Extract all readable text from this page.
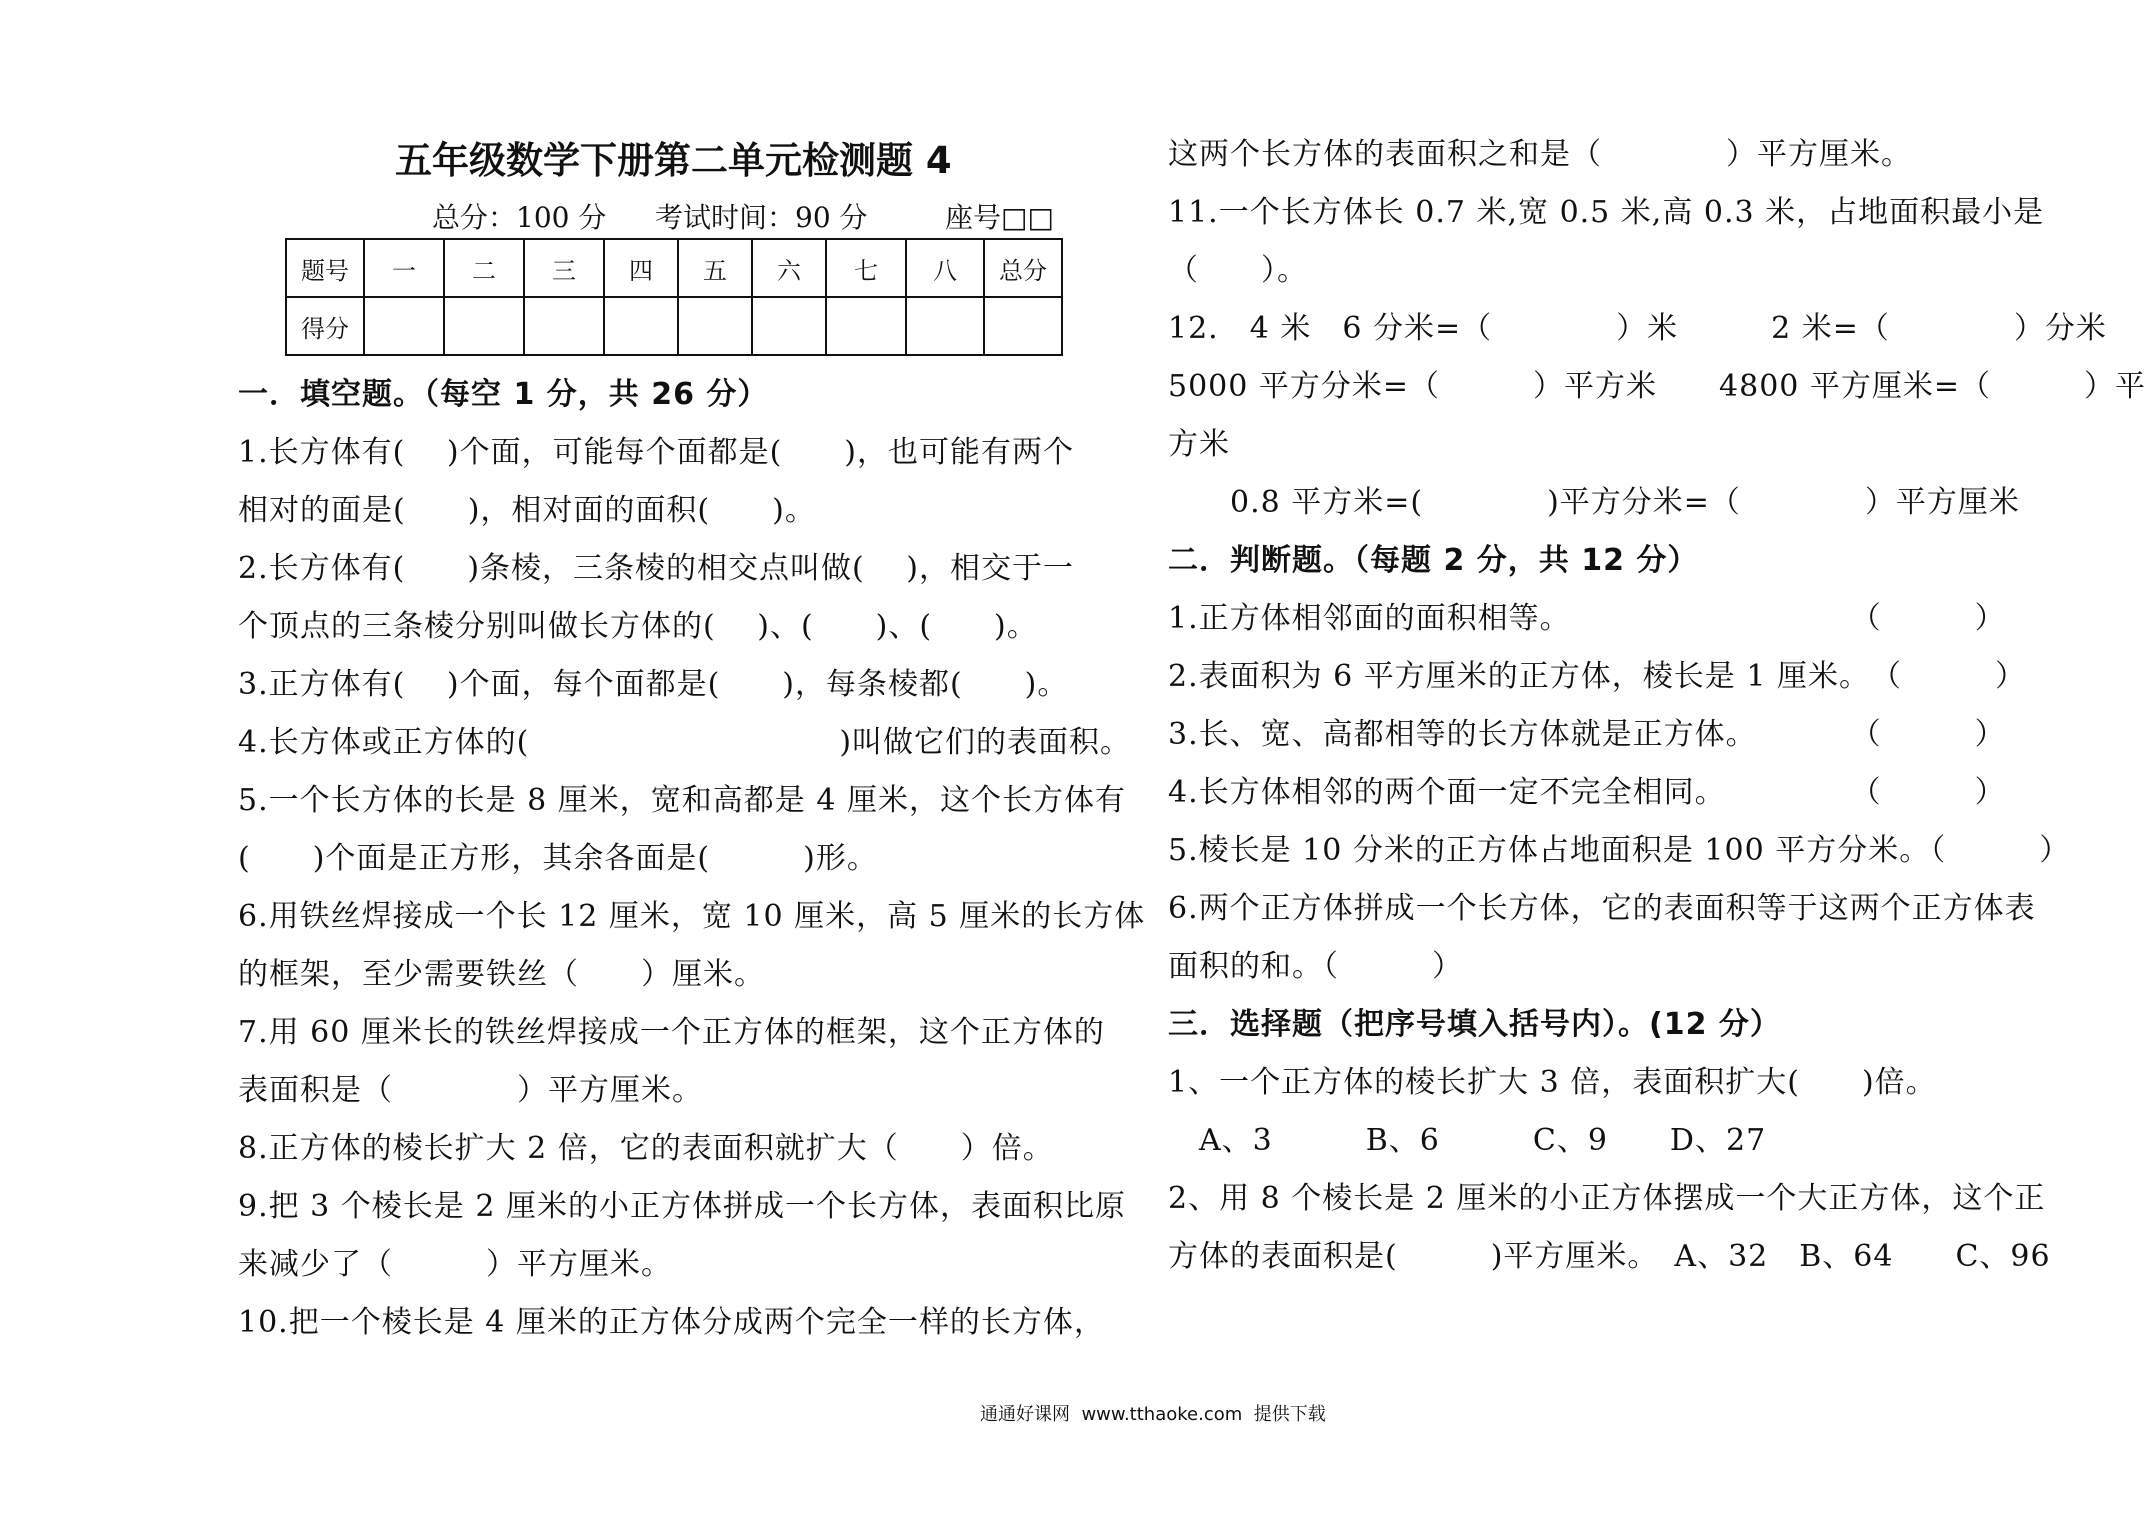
五年级数学下册第二单元检测题 4
总分：100 分 考试时间：90 分	座号□□
题号	一	二	三	四	五	六	七	八	总分
得分									
一．填空题。（每空 1 分，共 26 分）
1.长方体有(　 )个面，可能每个面都是(　　)，也可能有两个
相对的面是(　　)，相对面的面积(　　)。
2.长方体有(　　)条棱，三条棱的相交点叫做(　 )，相交于一
个顶点的三条棱分别叫做长方体的(　 )、(　　)、(　　)。
3.正方体有(　 )个面，每个面都是(　　)，每条棱都(　　)。
4.长方体或正方体的(　　　　　　　　　　)叫做它们的表面积。
5.一个长方体的长是 8 厘米，宽和高都是 4 厘米，这个长方体有
(　　)个面是正方形，其余各面是(　　　)形。
6.用铁丝焊接成一个长 12 厘米，宽 10 厘米，高 5 厘米的长方体
的框架，至少需要铁丝（　　）厘米。
7.用 60 厘米长的铁丝焊接成一个正方体的框架，这个正方体的
表面积是（　　　　）平方厘米。
8.正方体的棱长扩大 2 倍，它的表面积就扩大（　　）倍。
9.把 3 个棱长是 2 厘米的小正方体拼成一个长方体，表面积比原
来减少了（　　　）平方厘米。
10.把一个棱长是 4 厘米的正方体分成两个完全一样的长方体，
这两个长方体的表面积之和是（　　　　）平方厘米。
11.一个长方体长 0.7 米,宽 0.5 米,高 0.3 米，占地面积最小是
（　　）。
12.　4 米　6 分米=（　　　　）米　　　2 米=（　　　　）分米
5000 平方分米=（　　　）平方米　　4800 平方厘米=（　　　）平
方米
　　0.8 平方米=(　　　　)平方分米=（　　　　）平方厘米
二．判断题。（每题 2 分，共 12 分）
1.正方体相邻面的面积相等。　　　　　　　　　　（　　　）
2.表面积为 6 平方厘米的正方体，棱长是 1 厘米。　（　　　）
3.长、宽、高都相等的长方体就是正方体。　　　　（　　　）
4.长方体相邻的两个面一定不完全相同。　　　　　（　　　）
5.棱长是 10 分米的正方体占地面积是 100 平方分米。（　　　）
6.两个正方体拼成一个长方体，它的表面积等于这两个正方体表
面积的和。（　　　）
三．选择题（把序号填入括号内）。(12 分）
1、一个正方体的棱长扩大 3 倍，表面积扩大(　　)倍。
　A、3　　　B、6　　　C、9　　D、27
2、用 8 个棱长是 2 厘米的小正方体摆成一个大正方体，这个正
方体的表面积是(　　　)平方厘米。　A、32　B、64　　C、96
通通好课网  www.tthaoke.com  提供下载
